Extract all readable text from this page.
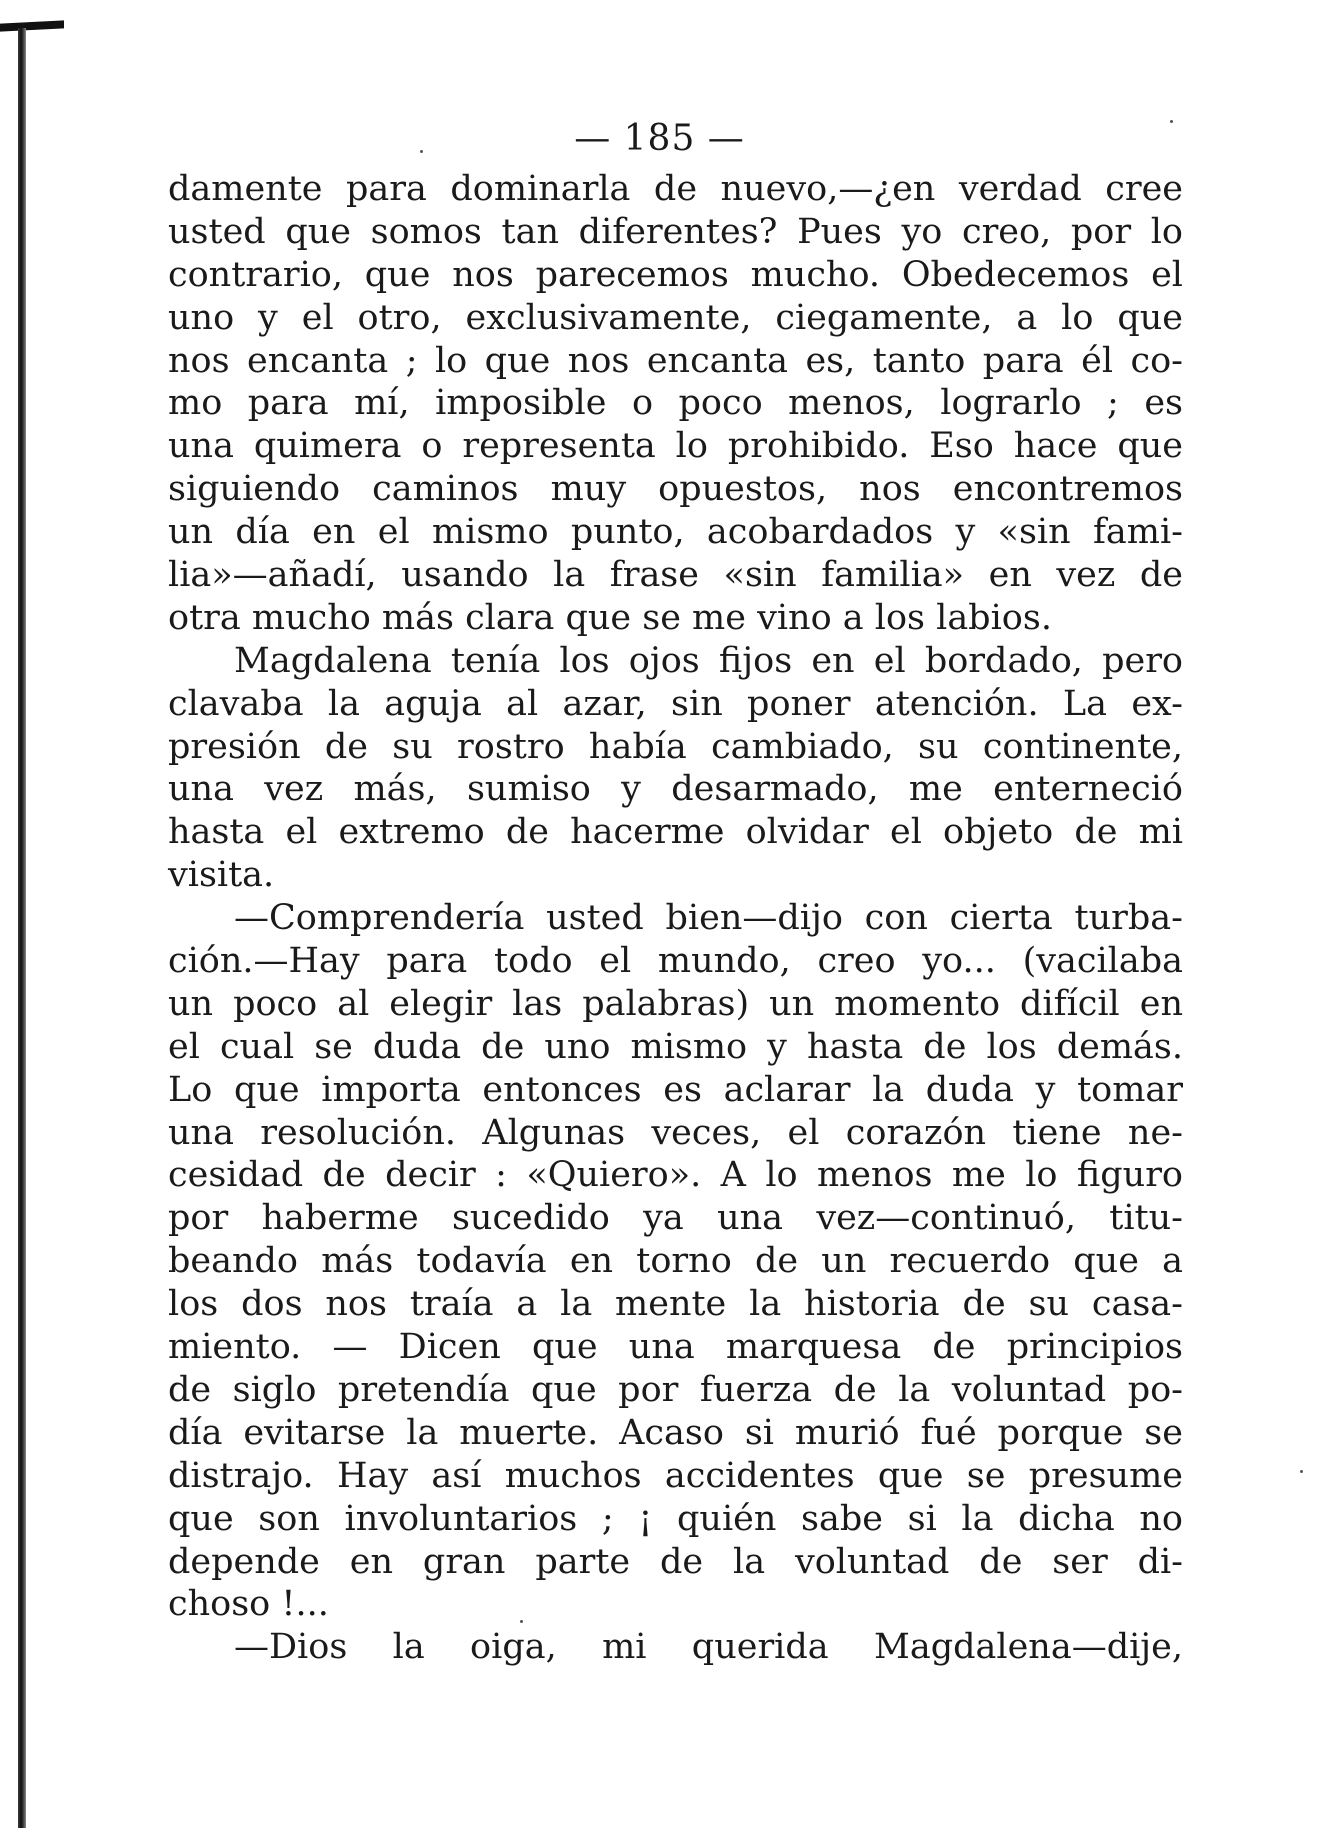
— 185 —
damente para dominarla de nuevo,—¿en verdad cree
usted que somos tan diferentes? Pues yo creo, por lo
contrario, que nos parecemos mucho. Obedecemos el
uno y el otro, exclusivamente, ciegamente, a lo que
nos encanta ; lo que nos encanta es, tanto para él co-
mo para mí, imposible o poco menos, lograrlo ; es
una quimera o representa lo prohibido. Eso hace que
siguiendo caminos muy opuestos, nos encontremos
un día en el mismo punto, acobardados y «sin fami-
lia»—añadí, usando la frase «sin familia» en vez de
otra mucho más clara que se me vino a los labios.
Magdalena tenía los ojos fijos en el bordado, pero
clavaba la aguja al azar, sin poner atención. La ex-
presión de su rostro había cambiado, su continente,
una vez más, sumiso y desarmado, me enterneció
hasta el extremo de hacerme olvidar el objeto de mi
visita.
—Comprendería usted bien—dijo con cierta turba-
ción.—Hay para todo el mundo, creo yo... (vacilaba
un poco al elegir las palabras) un momento difícil en
el cual se duda de uno mismo y hasta de los demás.
Lo que importa entonces es aclarar la duda y tomar
una resolución. Algunas veces, el corazón tiene ne-
cesidad de decir : «Quiero». A lo menos me lo figuro
por haberme sucedido ya una vez—continuó, titu-
beando más todavía en torno de un recuerdo que a
los dos nos traía a la mente la historia de su casa-
miento. — Dicen que una marquesa de principios
de siglo pretendía que por fuerza de la voluntad po-
día evitarse la muerte. Acaso si murió fué porque se
distrajo. Hay así muchos accidentes que se presume
que son involuntarios ; ¡ quién sabe si la dicha no
depende en gran parte de la voluntad de ser di-
choso !...
—Dios la oiga, mi querida Magdalena—dije,
